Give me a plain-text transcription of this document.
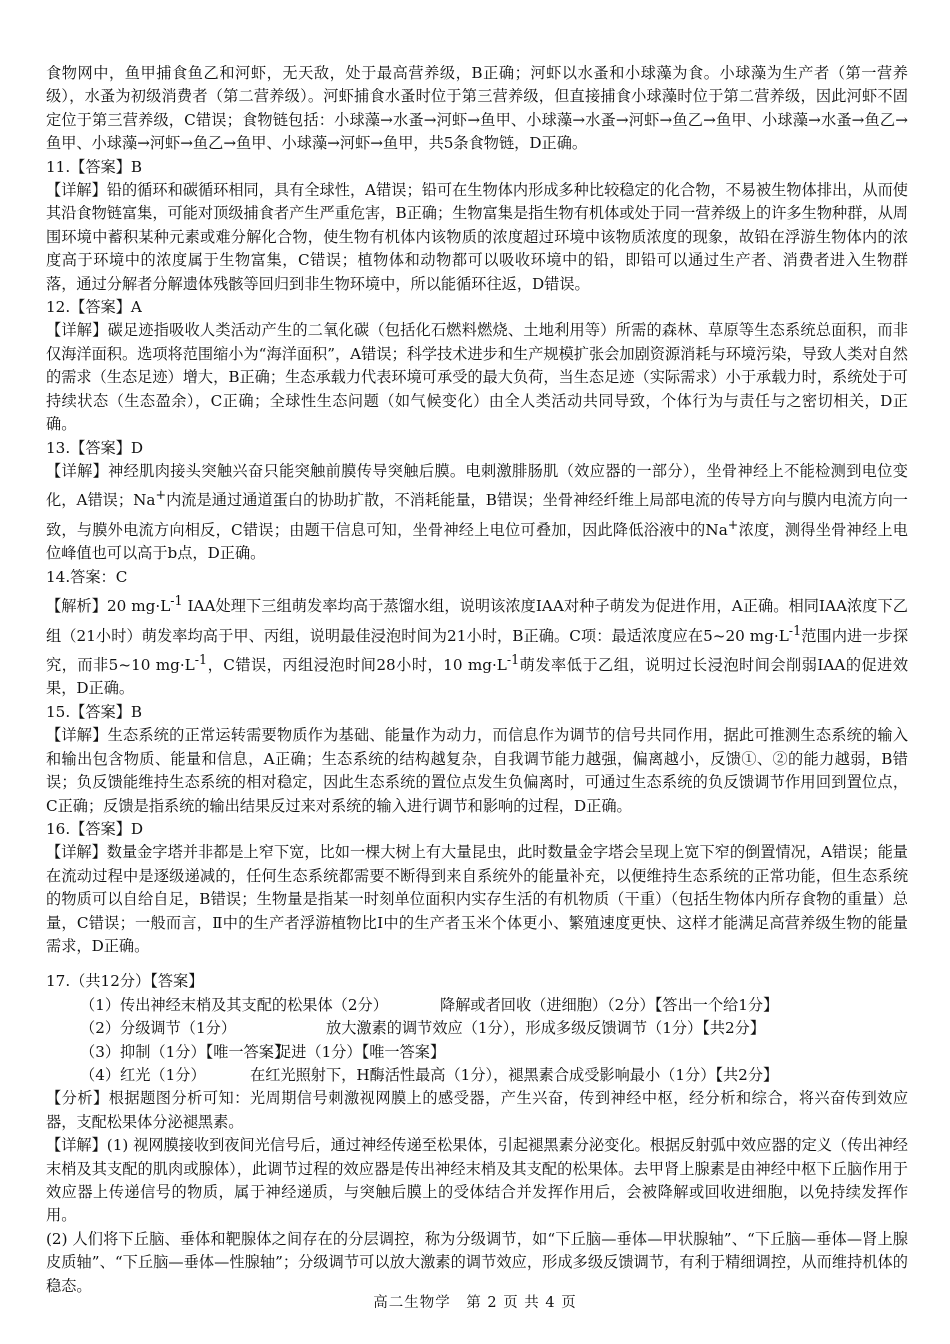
食物网中，鱼甲捕食鱼乙和河虾，无天敌，处于最高营养级，B正确；河虾以水蚤和小球藻为食。小球藻为生产者（第一营养级），水蚤为初级消费者（第二营养级）。河虾捕食水蚤时位于第三营养级，但直接捕食小球藻时位于第二营养级，因此河虾不固定位于第三营养级，C错误；食物链包括：小球藻→水蚤→河虾→鱼甲、小球藻→水蚤→河虾→鱼乙→鱼甲、小球藻→水蚤→鱼乙→鱼甲、小球藻→河虾→鱼乙→鱼甲、小球藻→河虾→鱼甲，共5条食物链，D正确。

11.【答案】B

【详解】铅的循环和碳循环相同，具有全球性，A错误；铅可在生物体内形成多种比较稳定的化合物，不易被生物体排出，从而使其沿食物链富集，可能对顶级捕食者产生严重危害，B正确；生物富集是指生物有机体或处于同一营养级上的许多生物种群，从周围环境中蓄积某种元素或难分解化合物，使生物有机体内该物质的浓度超过环境中该物质浓度的现象，故铅在浮游生物体内的浓度高于环境中的浓度属于生物富集，C错误；植物体和动物都可以吸收环境中的铅，即铅可以通过生产者、消费者进入生物群落，通过分解者分解遗体残骸等回归到非生物环境中，所以能循环往返，D错误。

12.【答案】A

【详解】碳足迹指吸收人类活动产生的二氧化碳（包括化石燃料燃烧、土地利用等）所需的森林、草原等生态系统总面积，而非仅海洋面积。选项将范围缩小为“海洋面积”，A错误；科学技术进步和生产规模扩张会加剧资源消耗与环境污染，导致人类对自然的需求（生态足迹）增大，B正确；生态承载力代表环境可承受的最大负荷，当生态足迹（实际需求）小于承载力时，系统处于可持续状态（生态盈余），C正确；全球性生态问题（如气候变化）由全人类活动共同导致，个体行为与责任与之密切相关，D正确。

13.【答案】D

【详解】神经肌肉接头突触兴奋只能突触前膜传导突触后膜。电刺激腓肠肌（效应器的一部分），坐骨神经上不能检测到电位变化，A错误；Na+内流是通过通道蛋白的协助扩散，不消耗能量，B错误；坐骨神经纤维上局部电流的传导方向与膜内电流方向一致，与膜外电流方向相反，C错误；由题干信息可知，坐骨神经上电位可叠加，因此降低浴液中的Na+浓度，测得坐骨神经上电位峰值也可以高于b点，D正确。

14.答案：C

【解析】20 $mg\cdot L^{-1}$ IAA处理下三组萌发率均高于蒸馏水组，说明该浓度IAA对种子萌发为促进作用，A正确。相同IAA浓度下乙组（21小时）萌发率均高于甲、丙组，说明最佳浸泡时间为21小时，B正确。C项：最适浓度应在5~20 $mg\cdot L^{-1}$范围内进一步探究，而非5~10 $mg\cdot L^{-1}$，C错误，丙组浸泡时间28小时，10 $mg\cdot L^{-1}$萌发率低于乙组，说明过长浸泡时间会削弱IAA的促进效果，D正确。

15.【答案】B

【详解】生态系统的正常运转需要物质作为基础、能量作为动力，而信息作为调节的信号共同作用，据此可推测生态系统的输入和输出包含物质、能量和信息，A正确；生态系统的结构越复杂，自我调节能力越强，偏离越小，反馈①、②的能力越弱，B错误；负反馈能维持生态系统的相对稳定，因此生态系统的置位点发生负偏离时，可通过生态系统的负反馈调节作用回到置位点，C正确；反馈是指系统的输出结果反过来对系统的输入进行调节和影响的过程，D正确。

16.【答案】D

【详解】数量金字塔并非都是上窄下宽，比如一棵大树上有大量昆虫，此时数量金字塔会呈现上宽下窄的倒置情况，A错误；能量在流动过程中是逐级递减的，任何生态系统都需要不断得到来自系统外的能量补充，以便维持生态系统的正常功能，但生态系统的物质可以自给自足，B错误；生物量是指某一时刻单位面积内实存生活的有机物质（干重）（包括生物体内所存食物的重量）总量，C错误；一般而言，Ⅱ中的生产者浮游植物比Ⅰ中的生产者玉米个体更小、繁殖速度更快、这样才能满足高营养级生物的能量需求，D正确。

17.（共12分）【答案】

（1）传出神经末梢及其支配的松果体（2分）	降解或者回收（进细胞）（2分）【答出一个给1分】
（2）分级调节（1分）	放大激素的调节效应（1分），形成多级反馈调节（1分）【共2分】
（3）抑制（1分）【唯一答案】
促进（1分）【唯一答案】
（4）红光（1分）	在红光照射下，H酶活性最高（1分），褪黑素合成受影响最小（1分）【共2分】

【分析】根据题图分析可知：光周期信号刺激视网膜上的感受器，产生兴奋，传到神经中枢，经分析和综合，将兴奋传到效应器，支配松果体分泌褪黑素。

【详解】(1) 视网膜接收到夜间光信号后，通过神经传递至松果体，引起褪黑素分泌变化。根据反射弧中效应器的定义（传出神经末梢及其支配的肌肉或腺体），此调节过程的效应器是传出神经末梢及其支配的松果体。去甲肾上腺素是由神经中枢下丘脑作用于效应器上传递信号的物质，属于神经递质，与突触后膜上的受体结合并发挥作用后，会被降解或回收进细胞，以免持续发挥作用。

(2) 人们将下丘脑、垂体和靶腺体之间存在的分层调控，称为分级调节，如“下丘脑—垂体—甲状腺轴”、“下丘脑—垂体—肾上腺皮质轴”、“下丘脑—垂体—性腺轴”；分级调节可以放大激素的调节效应，形成多级反馈调节，有利于精细调控，从而维持机体的稳态。

高二生物学　第 2 页 共 4 页
